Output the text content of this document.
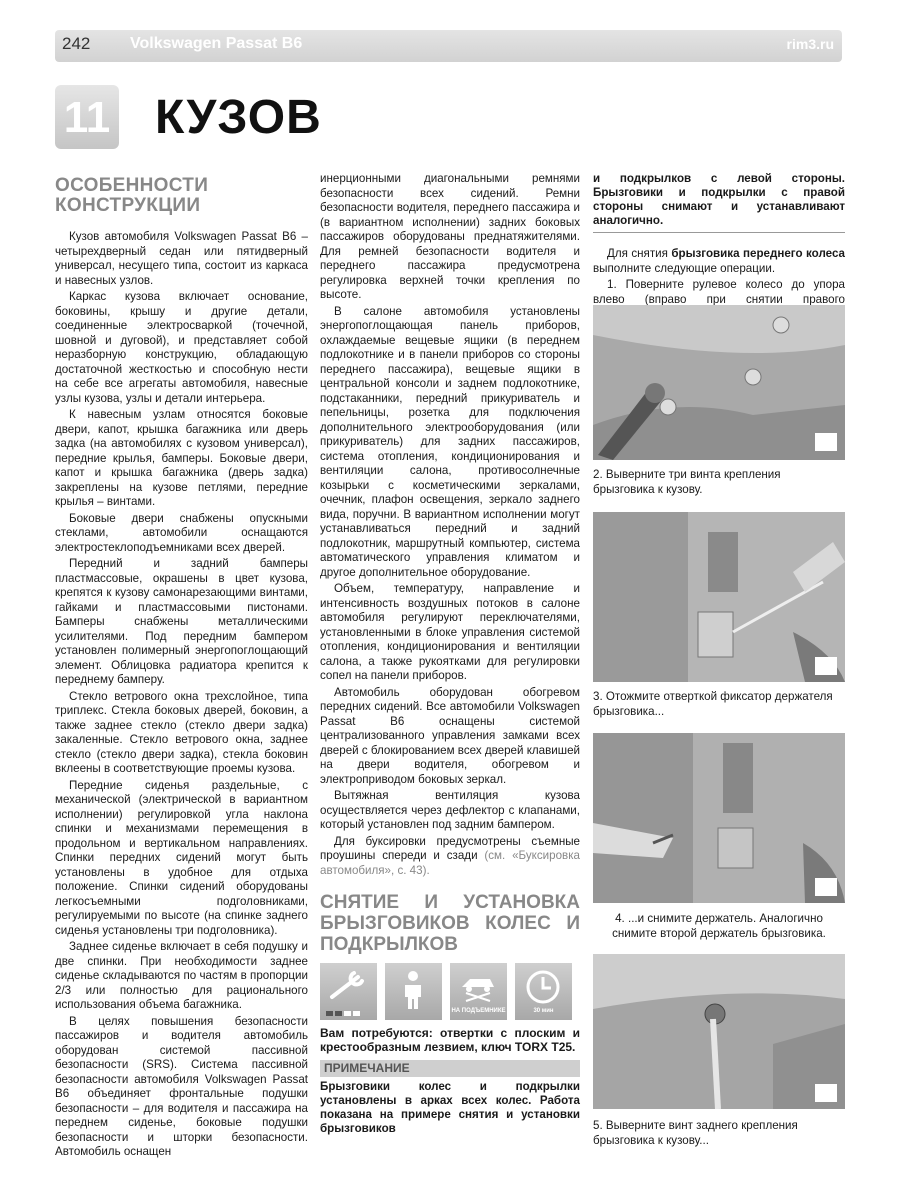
242 Volkswagen Passat B6	rim3.ru
11 КУЗОВ
ОСОБЕННОСТИ КОНСТРУКЦИИ

Кузов автомобиля Volkswagen Passat B6 – четырехдверный седан или пятидверный универсал, несущего типа, состоит из каркаса и навесных узлов.

Каркас кузова включает основание, боковины, крышу и другие детали, соединенные электросваркой (точечной, шовной и дуговой), и представляет собой неразборную конструкцию, обладающую достаточной жесткостью и способную нести на себе все агрегаты автомобиля, навесные узлы кузова, узлы и детали интерьера.

К навесным узлам относятся боковые двери, капот, крышка багажника или дверь задка (на автомобилях с кузовом универсал), передние крылья, бамперы. Боковые двери, капот и крышка багажника (дверь задка) закреплены на кузове петлями, передние крылья – винтами.

Боковые двери снабжены опускными стеклами, автомобили оснащаются электростеклоподъемниками всех дверей.

Передний и задний бамперы пластмассовые, окрашены в цвет кузова, крепятся к кузову самонарезающими винтами, гайками и пластмассовыми пистонами. Бамперы снабжены металлическими усилителями. Под передним бампером установлен полимерный энергопоглощающий элемент. Облицовка радиатора крепится к переднему бамперу.

Стекло ветрового окна трехслойное, типа триплекс. Стекла боковых дверей, боковин, а также заднее стекло (стекло двери задка) закаленные. Стекло ветрового окна, заднее стекло (стекло двери задка), стекла боковин вклеены в соответствующие проемы кузова.

Передние сиденья раздельные, с механической (электрической в вариантном исполнении) регулировкой угла наклона спинки и механизмами перемещения в продольном и вертикальном направлениях. Спинки передних сидений могут быть установлены в удобное для отдыха положение. Спинки сидений оборудованы легкосъемными подголовниками, регулируемыми по высоте (на спинке заднего сиденья установлены три подголовника).

Заднее сиденье включает в себя подушку и две спинки. При необходимости заднее сиденье складываются по частям в пропорции 2/3 или полностью для рационального использования объема багажника.

В целях повышения безопасности пассажиров и водителя автомобиль оборудован системой пассивной безопасности (SRS). Система пассивной безопасности автомобиля Volkswagen Passat B6 объединяет фронтальные подушки безопасности – для водителя и пассажира на переднем сиденье, боковые подушки безопасности и шторки безопасности. Автомобиль оснащен

инерционными диагональными ремнями безопасности всех сидений. Ремни безопасности водителя, переднего пассажира и (в вариантном исполнении) задних боковых пассажиров оборудованы преднатяжителями. Для ремней безопасности водителя и переднего пассажира предусмотрена регулировка верхней точки крепления по высоте.

В салоне автомобиля установлены энергопоглощающая панель приборов, охлаждаемые вещевые ящики (в переднем подлокотнике и в панели приборов со стороны переднего пассажира), вещевые ящики в центральной консоли и заднем подлокотнике, подстаканники, передний прикуриватель и пепельницы, розетка для подключения дополнительного электрооборудования (или прикуриватель) для задних пассажиров, система отопления, кондиционирования и вентиляции салона, противосолнечные козырьки с косметическими зеркалами, очечник, плафон освещения, зеркало заднего вида, поручни. В вариантном исполнении могут устанавливаться передний и задний подлокотник, маршрутный компьютер, система автоматического управления климатом и другое дополнительное оборудование.

Объем, температуру, направление и интенсивность воздушных потоков в салоне автомобиля регулируют переключателями, установленными в блоке управления системой отопления, кондиционирования и вентиляции салона, а также рукоятками для регулировки сопел на панели приборов.

Автомобиль оборудован обогревом передних сидений. Все автомобили Volkswagen Passat B6 оснащены системой централизованного управления замками всех дверей с блокированием всех дверей клавишей на двери водителя, обогревом и электроприводом боковых зеркал.

Вытяжная вентиляция кузова осуществляется через дефлектор с клапанами, который установлен под задним бампером.

Для буксировки предусмотрены съемные проушины спереди и сзади (см. «Буксировка автомобиля», с. 43).

СНЯТИЕ И УСТАНОВКА БРЫЗГОВИКОВ КОЛЕС И ПОДКРЫЛКОВ
НА ПОДЪЕМНИКЕ	30 мин
Вам потребуются: отвертки с плоским и крестообразным лезвием, ключ TORX T25.
ПРИМЕЧАНИЕ
Брызговики колес и подкрылки установлены в арках всех колес. Работа показана на примере снятия и установки брызговиков
и подкрылков с левой стороны. Брызговики и подкрылки с правой стороны снимают и устанавливают аналогично.

Для снятия брызговика переднего колеса выполните следующие операции.

1. Поверните рулевое колесо до упора влево (вправо при снятии правого

2. Выверните три винта крепления брызговика к кузову.
3. Отожмите отверткой фиксатор держателя брызговика...
4. ...и снимите держатель. Аналогично снимите второй держатель брызговика.
5. Выверните винт заднего крепления брызговика к кузову...
